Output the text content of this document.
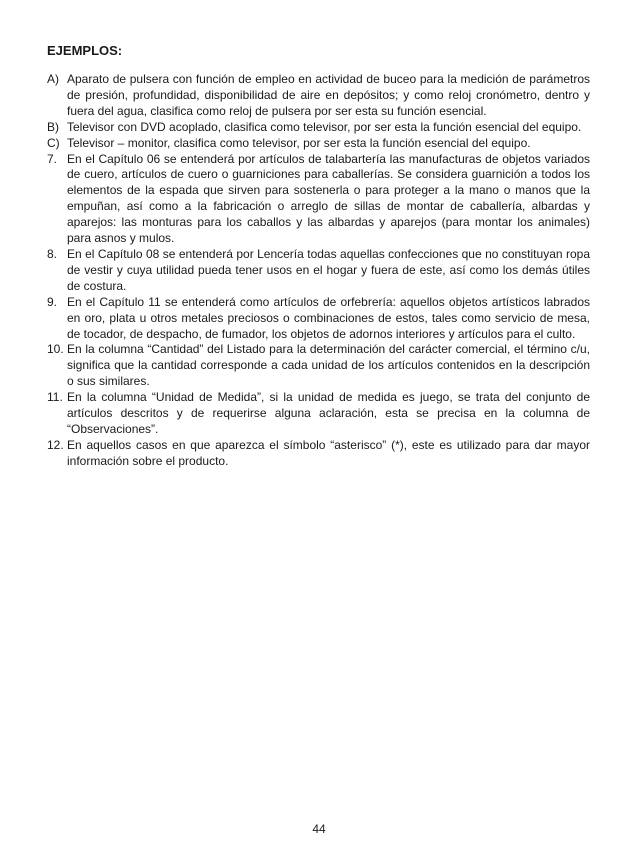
EJEMPLOS:
A) Aparato de pulsera con función de empleo en actividad de buceo para la medición de parámetros de presión, profundidad, disponibilidad de aire en depósitos; y como reloj cronómetro, dentro y fuera del agua, clasifica como reloj de pulsera por ser esta su función esencial.
B) Televisor con DVD acoplado, clasifica como televisor, por ser esta la función esencial del equipo.
C) Televisor – monitor, clasifica como televisor, por ser esta la función esencial del equipo.
7. En el Capítulo 06 se entenderá por artículos de talabartería las manufacturas de objetos variados de cuero, artículos de cuero o guarniciones para caballerías. Se considera guarnición a todos los elementos de la espada que sirven para sostenerla o para proteger a la mano o manos que la empuñan, así como a la fabricación o arreglo de sillas de montar de caballería, albardas y aparejos: las monturas para los caballos y las albardas y aparejos (para montar los animales) para asnos y mulos.
8. En el Capítulo 08 se entenderá por Lencería todas aquellas confecciones que no constituyan ropa de vestir y cuya utilidad pueda tener usos en el hogar y fuera de este, así como los demás útiles de costura.
9. En el Capítulo 11 se entenderá como artículos de orfebrería: aquellos objetos artísticos labrados en oro, plata u otros metales preciosos o combinaciones de estos, tales como servicio de mesa, de tocador, de despacho, de fumador, los objetos de adornos interiores y artículos para el culto.
10. En la columna “Cantidad” del Listado para la determinación del carácter comercial, el término c/u, significa que la cantidad corresponde a cada unidad de los artículos contenidos en la descripción o sus similares.
11. En la columna “Unidad de Medida”, si la unidad de medida es juego, se trata del conjunto de artículos descritos y de requerirse alguna aclaración, esta se precisa en la columna de “Observaciones”.
12. En aquellos casos en que aparezca el símbolo “asterisco” (*), este es utilizado para dar mayor información sobre el producto.
44
